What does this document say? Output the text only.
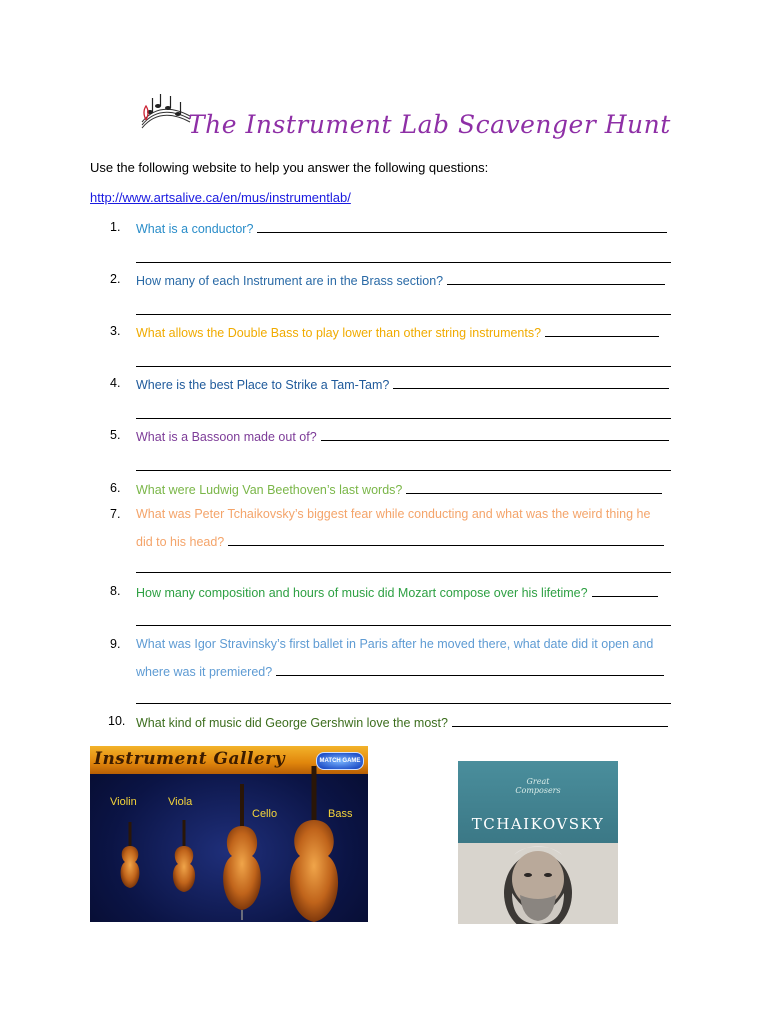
The Instrument Lab Scavenger Hunt
Use the following website to help you answer the following questions:
http://www.artsalive.ca/en/mus/instrumentlab/
1.	What is a conductor?
2.	How many of each Instrument are in the Brass section?
3.	What allows the Double Bass to play lower than other string instruments?
4.	Where is the best Place to Strike a Tam-Tam?
5.	What is a Bassoon made out of?
6.	What were Ludwig Van Beethoven’s last words?
7.	What was Peter Tchaikovsky’s biggest fear while conducting and what was the weird thing he
did to his head?
8.	How many composition and hours of music did Mozart compose over his lifetime?
9.	What was Igor Stravinsky’s first ballet in Paris after he moved there, what date did it open and
where was it premiered?
10. What kind of music did George Gershwin love the most?
Instrument Gallery	MATCH GAME
Violin	Viola
Cello	Bass
Great
Composers
TCHAIKOVSKY
